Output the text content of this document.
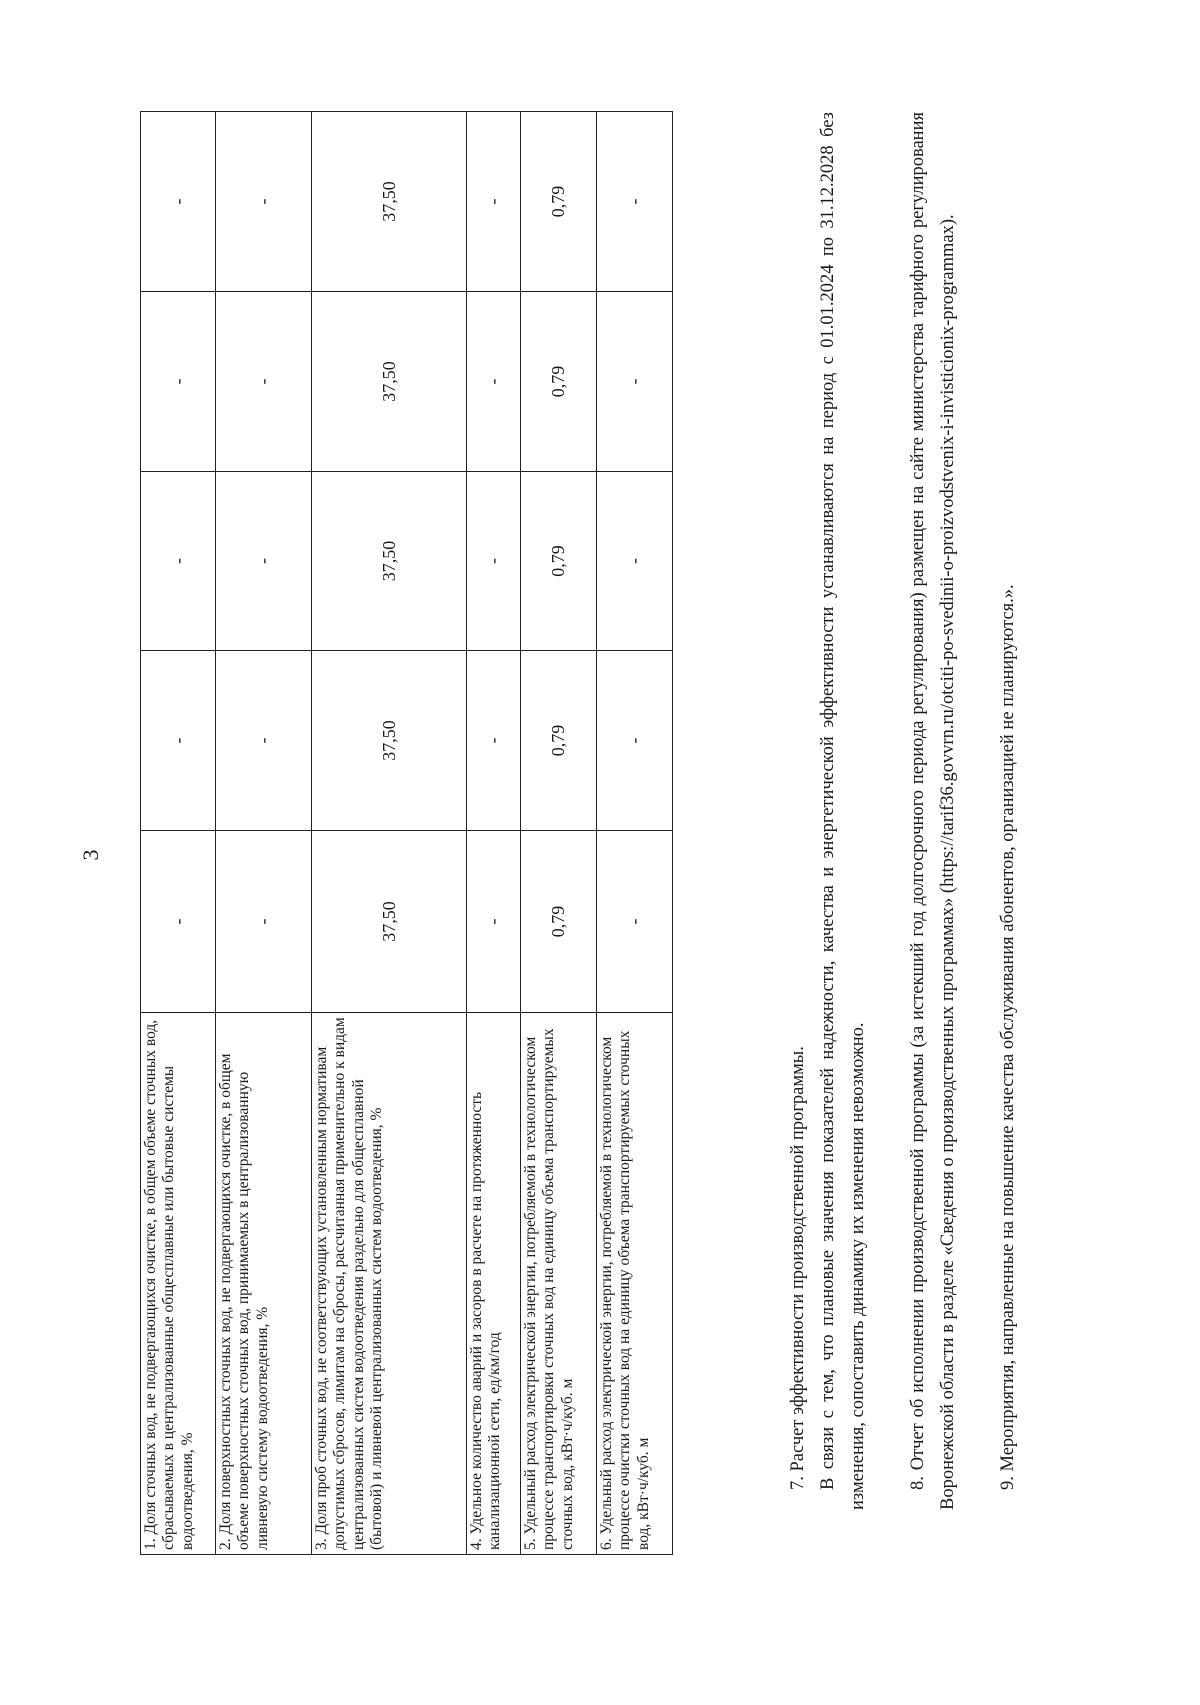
3
1. Доля сточных вод, не подвергающихся очистке, в общем объеме сточных вод, сбрасываемых в централизованные общесплавные или бытовые системы водоотведения, %	-	-	-	-	-
2. Доля поверхностных сточных вод, не подвергающихся очистке, в общем объеме поверхностных сточных вод, принимаемых в централизованную ливневую систему водоотведения, %	-	-	-	-	-
3. Доля проб сточных вод, не соответствующих установленным нормативам допустимых сбросов, лимитам на сбросы, рассчитанная применительно к видам централизованных систем водоотведения раздельно для общесплавной (бытовой) и ливневой централизованных систем водоотведения, %	37,50	37,50	37,50	37,50	37,50
4. Удельное количество аварий и засоров в расчете на протяженность канализационной сети, ед/км/год	-	-	-	-	-
5. Удельный расход электрической энергии, потребляемой в технологическом процессе транспортировки сточных вод на единицу объема транспортируемых сточных вод, кВт·ч/куб. м	0,79	0,79	0,79	0,79	0,79
6. Удельный расход электрической энергии, потребляемой в технологическом процессе очистки сточных вод на единицу объема транспортируемых сточных вод, кВт·ч/куб. м	-	-	-	-	-

7. Расчет эффективности производственной программы. В связи с тем, что плановые значения показателей надежности, качества и энергетической эффективности устанавливаются на период с 01.01.2024 по 31.12.2028 без изменения, сопоставить динамику их изменения невозможно. 8. Отчет об исполнении производственной программы (за истекший год долгосрочного периода регулирования) размещен на сайте министерства тарифного регулирования Воронежской области в разделе «Сведения о производственных программах» (https://tarif36.govvrn.ru/otciti-po-svedinii-o-proizvodstvenix-i-invisticionix-programmax). 9. Мероприятия, направленные на повышение качества обслуживания абонентов, организацией не планируются.».
